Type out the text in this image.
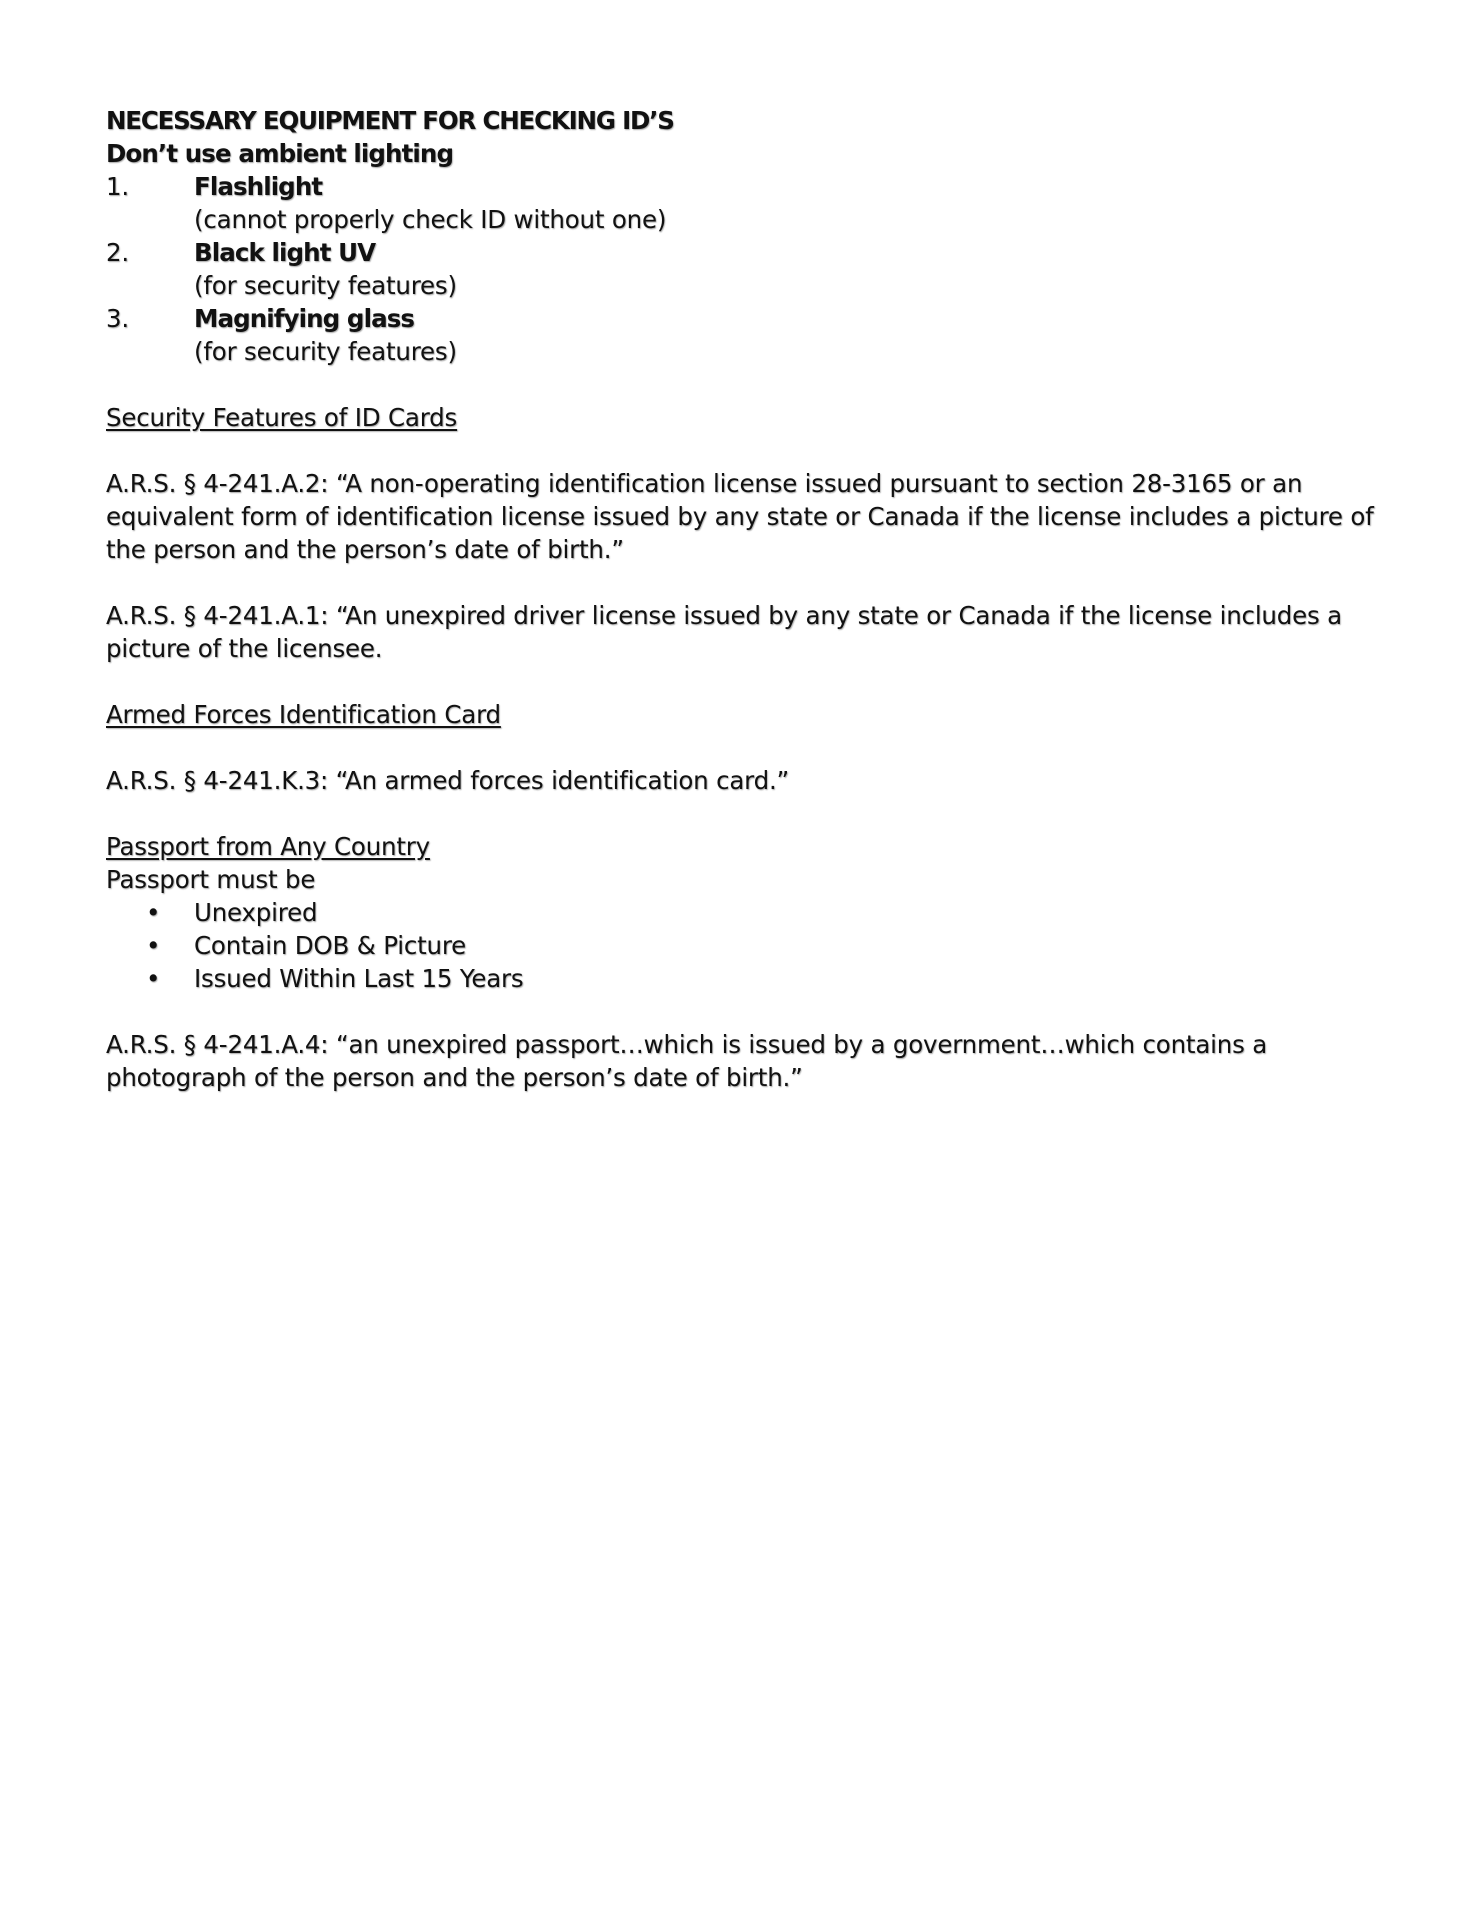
NECESSARY EQUIPMENT FOR CHECKING ID’S

Don’t use ambient lighting

1.	Flashlight

(cannot properly check ID without one)

2.	Black light UV

(for security features)

3.	Magnifying glass

(for security features)

Security Features of ID Cards

A.R.S. § 4-241.A.2: “A non-operating identification license issued pursuant to section 28-3165 or an equivalent form of identification license issued by any state or Canada if the license includes a picture of the person and the person’s date of birth.”

A.R.S. § 4-241.A.1: “An unexpired driver license issued by any state or Canada if the license includes a picture of the licensee.

Armed Forces Identification Card

A.R.S. § 4-241.K.3: “An armed forces identification card.”

Passport from Any Country

Passport must be

•	Unexpired
•	Contain DOB & Picture
•	Issued Within Last 15 Years

A.R.S. § 4-241.A.4: “an unexpired passport…which is issued by a government…which contains a photograph of the person and the person’s date of birth.”
